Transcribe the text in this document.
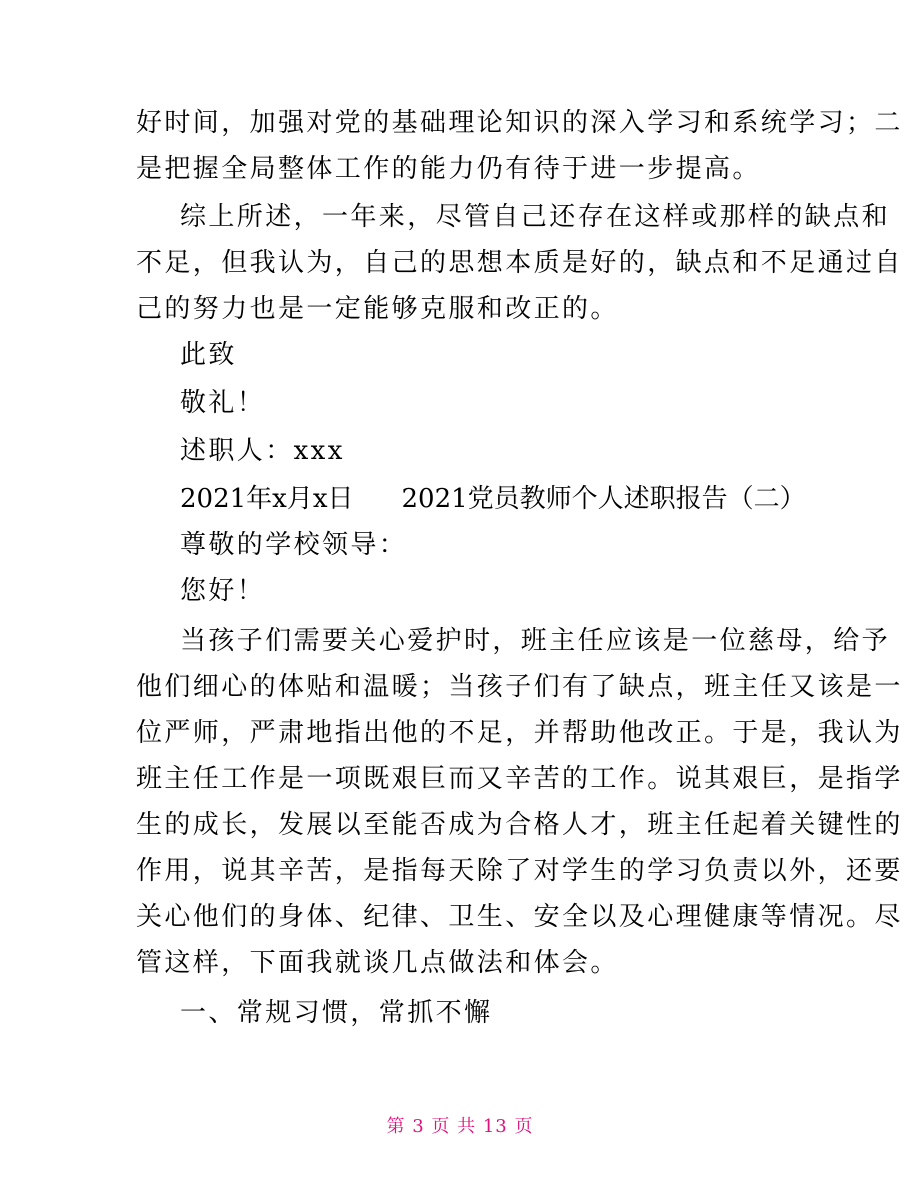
好时间，加强对党的基础理论知识的深入学习和系统学习；二
是把握全局整体工作的能力仍有待于进一步提高。
综上所述，一年来，尽管自己还存在这样或那样的缺点和
不足，但我认为，自己的思想本质是好的，缺点和不足通过自
己的努力也是一定能够克服和改正的。
此致
敬礼！
述职人：xxx
2021年x月x日 2021党员教师个人述职报告（二）
尊敬的学校领导：
您好！
当孩子们需要关心爱护时，班主任应该是一位慈母，给予
他们细心的体贴和温暖；当孩子们有了缺点，班主任又该是一
位严师，严肃地指出他的不足，并帮助他改正。于是，我认为
班主任工作是一项既艰巨而又辛苦的工作。说其艰巨，是指学
生的成长，发展以至能否成为合格人才，班主任起着关键性的
作用，说其辛苦，是指每天除了对学生的学习负责以外，还要
关心他们的身体、纪律、卫生、安全以及心理健康等情况。尽
管这样，下面我就谈几点做法和体会。
一、常规习惯，常抓不懈
第 3 页 共 13 页
